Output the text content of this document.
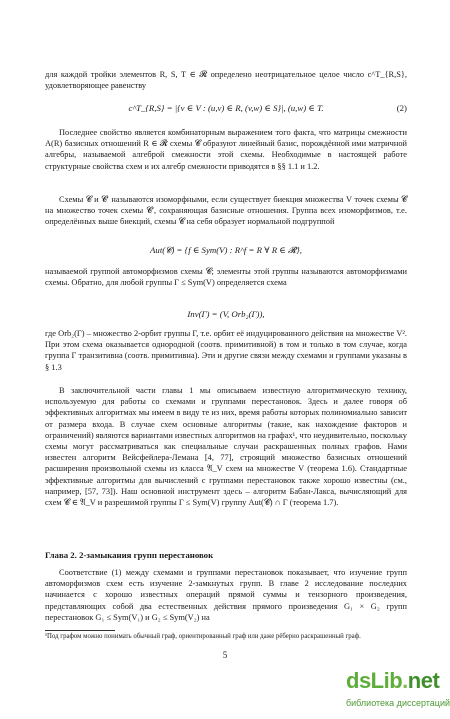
для каждой тройки элементов R, S, T ∈ 𝓡 определено неотрицательное целое число c^T_{R,S}, удовлетворяющее равенству

c^T_{R,S} = |{v ∈ V : (u,v) ∈ R, (v,w) ∈ S}|, (u,w) ∈ T.	(2)

Последнее свойство является комбинаторным выражением того факта, что матрицы смежности A(R) базисных отношений R ∈ 𝓡 схемы 𝓒 образуют линейный базис, порождённой ими матричной алгебры, называемой алгеброй смежности этой схемы. Необходимые в настоящей работе структурные свойства схем и их алгебр смежности приводятся в §§ 1.1 и 1.2.

Схемы 𝓒 и 𝓒′ называются изоморфными, если существует биекция множества V точек схемы 𝓒 на множество точек схемы 𝓒′, сохраняющая базисные отношения. Группа всех изоморфизмов, т.е. определённых выше биекций, схемы 𝓒 на себя образует нормальной подгруппой

Aut(𝓒) = {f ∈ Sym(V) : R^f = R ∀ R ∈ 𝓡},

называемой группой автоморфизмов схемы 𝓒; элементы этой группы называются автоморфизмами схемы. Обратно, для любой группы Γ ≤ Sym(V) определяется схема

Inv(Γ) = (V, Orb₂(Γ)),

где Orb₂(Γ) – множество 2-орбит группы Γ, т.е. орбит её индуцированного действия на множестве V². При этом схема оказывается однородной (соотв. примитивной) в том и только в том случае, когда группа Γ транзитивна (соотв. примитивна). Эти и другие связи между схемами и группами указаны в § 1.3

В заключительной части главы 1 мы описываем известную алгоритмическую технику, используемую для работы со схемами и группами перестановок. Здесь и далее говоря об эффективных алгоритмах мы имеем в виду те из них, время работы которых полиномиально зависит от размера входа. В случае схем основные алгоритмы (такие, как нахождение факторов и ограничений) являются вариантами известных алгоритмов на графах¹, что неудивительно, поскольку схемы могут рассматриваться как специальные случаи раскрашенных полных графов. Нами известен алгоритм Вейсфейлера-Лемана [4, 77], строящий множество базисных отношений расширения произвольной схемы из класса 𝔄_V схем на множестве V (теорема 1.6). Стандартные эффективные алгоритмы для вычислений с группами перестановок также хорошо известны (см., например, [57, 73]). Наш основной инструмент здесь – алгоритм Бабан-Лакса, вычисляющий для схем 𝓒 ∈ 𝔄_V и разрешимой группы Γ ≤ Sym(V) группу Aut(𝓒) ∩ Γ (теорема 1.7).

Глава 2. 2-замыкания групп перестановок

Соответствие (1) между схемами и группами перестановок показывает, что изучение групп автоморфизмов схем есть изучение 2-замкнутых групп. В главе 2 исследование последних начинается с хорошо известных операций прямой суммы и тензорного произведения, представляющих собой два естественных действия прямого произведения G₁ × G₂ групп перестановок G₁ ≤ Sym(V₁) и G₂ ≤ Sym(V₂) на

¹Под графом можно понимать обычный граф, ориентированный граф или даже рёберно раскрашенный граф.
5
dsLib.net
библиотека диссертаций
